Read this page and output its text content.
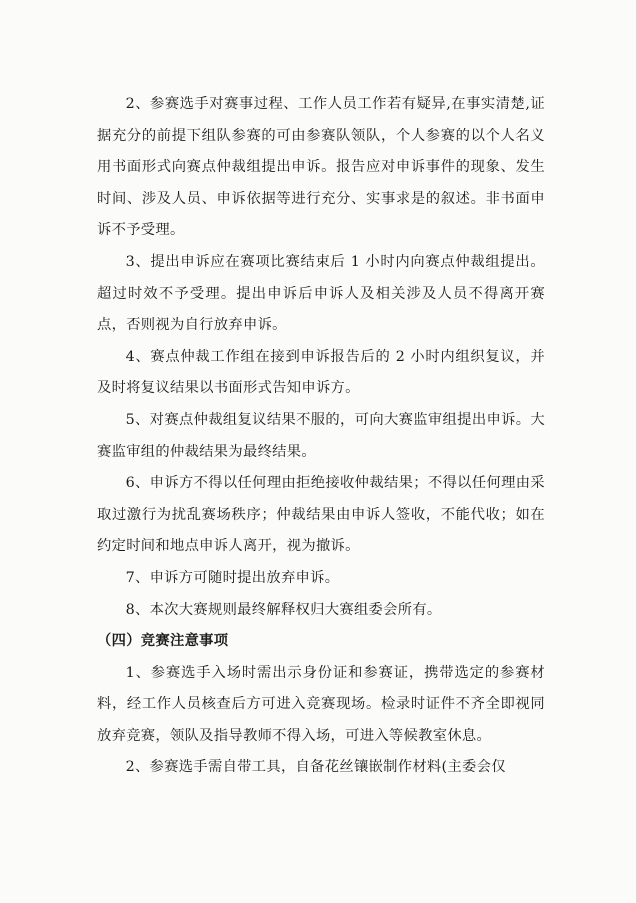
2、参赛选手对赛事过程、工作人员工作若有疑异,在事实清楚,证据充分的前提下组队参赛的可由参赛队领队，个人参赛的以个人名义用书面形式向赛点仲裁组提出申诉。报告应对申诉事件的现象、发生时间、涉及人员、申诉依据等进行充分、实事求是的叙述。非书面申诉不予受理。

3、提出申诉应在赛项比赛结束后 1 小时内向赛点仲裁组提出。超过时效不予受理。提出申诉后申诉人及相关涉及人员不得离开赛点，否则视为自行放弃申诉。

4、赛点仲裁工作组在接到申诉报告后的 2 小时内组织复议，并及时将复议结果以书面形式告知申诉方。

5、对赛点仲裁组复议结果不服的，可向大赛监审组提出申诉。大赛监审组的仲裁结果为最终结果。

6、申诉方不得以任何理由拒绝接收仲裁结果；不得以任何理由采取过激行为扰乱赛场秩序；仲裁结果由申诉人签收，不能代收；如在约定时间和地点申诉人离开，视为撤诉。

7、申诉方可随时提出放弃申诉。

8、本次大赛规则最终解释权归大赛组委会所有。

（四）竞赛注意事项

1、参赛选手入场时需出示身份证和参赛证，携带选定的参赛材料，经工作人员核查后方可进入竞赛现场。检录时证件不齐全即视同放弃竞赛，领队及指导教师不得入场，可进入等候教室休息。

2、参赛选手需自带工具，自备花丝镶嵌制作材料(主委会仅
